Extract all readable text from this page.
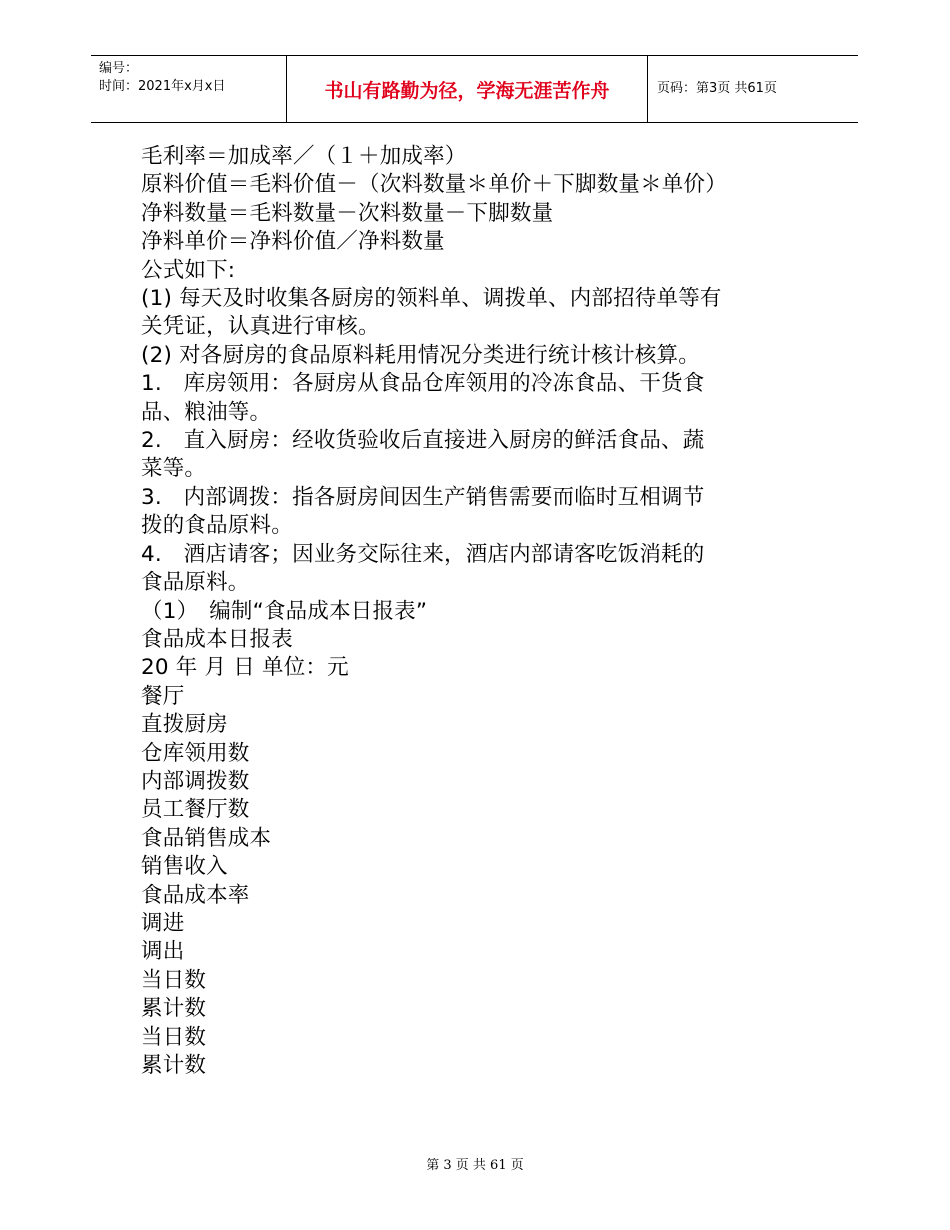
编号：
时间：2021年x月x日	书山有路勤为径，学海无涯苦作舟	页码：第3页 共61页
毛利率＝加成率／（１＋加成率）
原料价值＝毛料价值－（次料数量＊单价＋下脚数量＊单价）
净料数量＝毛料数量－次料数量－下脚数量
净料单价＝净料价值／净料数量
公式如下:
(1) 每天及时收集各厨房的领料单、调拨单、内部招待单等有
关凭证，认真进行审核。
(2) 对各厨房的食品原料耗用情况分类进行统计核计核算。
1.　库房领用：各厨房从食品仓库领用的冷冻食品、干货食
品、粮油等。
2.　直入厨房：经收货验收后直接进入厨房的鲜活食品、蔬
菜等。
3.　内部调拨：指各厨房间因生产销售需要而临时互相调节
拨的食品原料。
4.　酒店请客；因业务交际往来，酒店内部请客吃饭消耗的
食品原料。
（1）　编制“食品成本日报表”
食品成本日报表
20 年 月 日 单位：元
餐厅
直拨厨房
仓库领用数
内部调拨数
员工餐厅数
食品销售成本
销售收入
食品成本率
调进
调出
当日数
累计数
当日数
累计数
第 3 页 共 61 页
